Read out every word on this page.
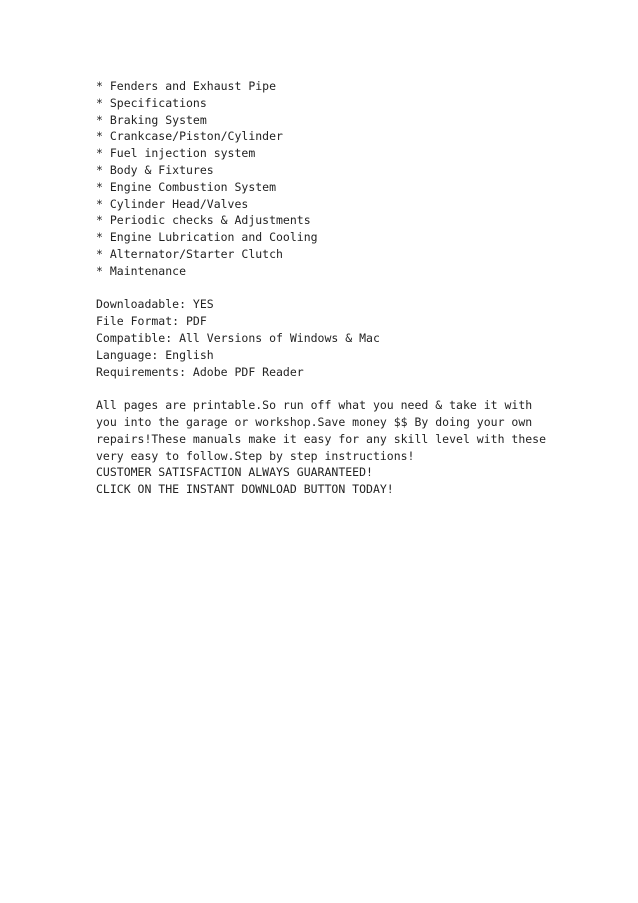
* Fenders and Exhaust Pipe
* Specifications
* Braking System
* Crankcase/Piston/Cylinder
* Fuel injection system
* Body & Fixtures
* Engine Combustion System
* Cylinder Head/Valves
* Periodic checks & Adjustments
* Engine Lubrication and Cooling
* Alternator/Starter Clutch
* Maintenance
Downloadable: YES
File Format: PDF
Compatible: All Versions of Windows & Mac
Language: English
Requirements: Adobe PDF Reader
All pages are printable.So run off what you need & take it with you into the garage or workshop.Save money $$ By doing your own repairs!These manuals make it easy for any skill level with these very easy to follow.Step by step instructions!
CUSTOMER SATISFACTION ALWAYS GUARANTEED!
CLICK ON THE INSTANT DOWNLOAD BUTTON TODAY!
